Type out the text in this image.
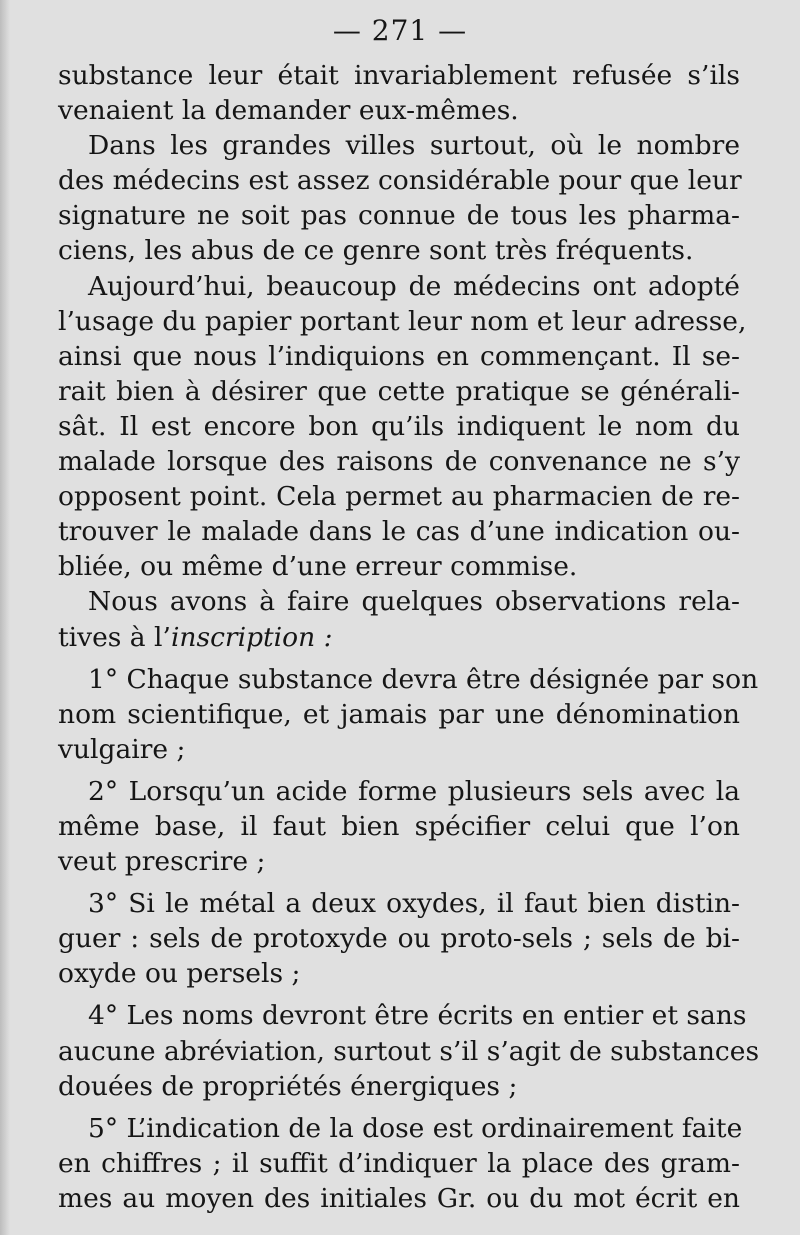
— 271 —
substance leur était invariablement refusée s’ils
venaient la demander eux-mêmes.
Dans les grandes villes surtout, où le nombre
des médecins est assez considérable pour que leur
signature ne soit pas connue de tous les pharma-
ciens, les abus de ce genre sont très fréquents.
Aujourd’hui, beaucoup de médecins ont adopté
l’usage du papier portant leur nom et leur adresse,
ainsi que nous l’indiquions en commençant. Il se-
rait bien à désirer que cette pratique se générali-
sât. Il est encore bon qu’ils indiquent le nom du
malade lorsque des raisons de convenance ne s’y
opposent point. Cela permet au pharmacien de re-
trouver le malade dans le cas d’une indication ou-
bliée, ou même d’une erreur commise.
Nous avons à faire quelques observations rela-
tives à l’inscription :
1° Chaque substance devra être désignée par son
nom scientifique, et jamais par une dénomination
vulgaire ;
2° Lorsqu’un acide forme plusieurs sels avec la
même base, il faut bien spécifier celui que l’on
veut prescrire ;
3° Si le métal a deux oxydes, il faut bien distin-
guer : sels de protoxyde ou proto-sels ; sels de bi-
oxyde ou persels ;
4° Les noms devront être écrits en entier et sans
aucune abréviation, surtout s’il s’agit de substances
douées de propriétés énergiques ;
5° L’indication de la dose est ordinairement faite
en chiffres ; il suffit d’indiquer la place des gram-
mes au moyen des initiales Gr. ou du mot écrit en
